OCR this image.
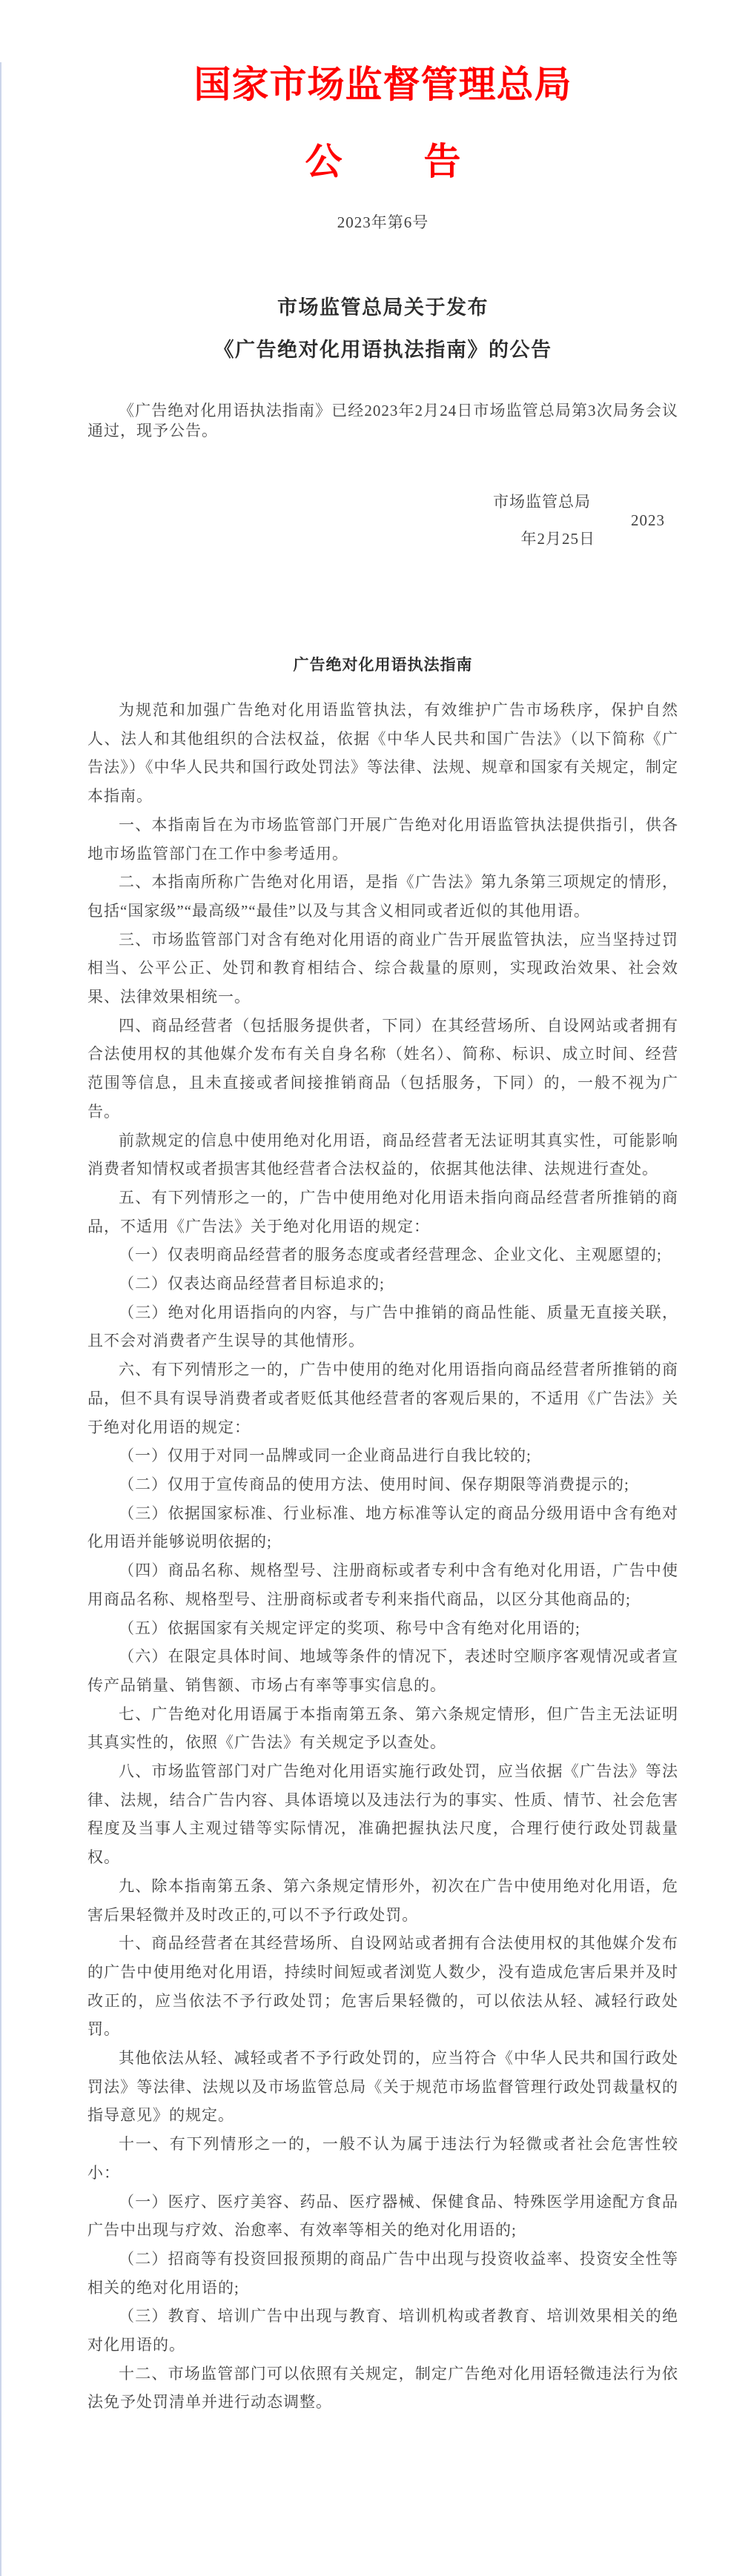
国家市场监督管理总局
公 告
2023年第6号
市场监管总局关于发布
《广告绝对化用语执法指南》的公告

《广告绝对化用语执法指南》已经2023年2月24日市场监管总局第3次局务会议通过，现予公告。

市场监管总局
2023
年2月25日
广告绝对化用语执法指南

为规范和加强广告绝对化用语监管执法，有效维护广告市场秩序，保护自然人、法人和其他组织的合法权益，依据《中华人民共和国广告法》（以下简称《广告法》）《中华人民共和国行政处罚法》等法律、法规、规章和国家有关规定，制定本指南。

一、本指南旨在为市场监管部门开展广告绝对化用语监管执法提供指引，供各地市场监管部门在工作中参考适用。

二、本指南所称广告绝对化用语，是指《广告法》第九条第三项规定的情形，包括“国家级”“最高级”“最佳”以及与其含义相同或者近似的其他用语。

三、市场监管部门对含有绝对化用语的商业广告开展监管执法，应当坚持过罚相当、公平公正、处罚和教育相结合、综合裁量的原则，实现政治效果、社会效果、法律效果相统一。

四、商品经营者（包括服务提供者，下同）在其经营场所、自设网站或者拥有合法使用权的其他媒介发布有关自身名称（姓名）、简称、标识、成立时间、经营范围等信息，且未直接或者间接推销商品（包括服务，下同）的，一般不视为广告。

前款规定的信息中使用绝对化用语，商品经营者无法证明其真实性，可能影响消费者知情权或者损害其他经营者合法权益的，依据其他法律、法规进行查处。

五、有下列情形之一的，广告中使用绝对化用语未指向商品经营者所推销的商品，不适用《广告法》关于绝对化用语的规定：

（一）仅表明商品经营者的服务态度或者经营理念、企业文化、主观愿望的;

（二）仅表达商品经营者目标追求的;

（三）绝对化用语指向的内容，与广告中推销的商品性能、质量无直接关联，且不会对消费者产生误导的其他情形。

六、有下列情形之一的，广告中使用的绝对化用语指向商品经营者所推销的商品，但不具有误导消费者或者贬低其他经营者的客观后果的，不适用《广告法》关于绝对化用语的规定：

（一）仅用于对同一品牌或同一企业商品进行自我比较的;

（二）仅用于宣传商品的使用方法、使用时间、保存期限等消费提示的;

（三）依据国家标准、行业标准、地方标准等认定的商品分级用语中含有绝对化用语并能够说明依据的;

（四）商品名称、规格型号、注册商标或者专利中含有绝对化用语，广告中使用商品名称、规格型号、注册商标或者专利来指代商品，以区分其他商品的;

（五）依据国家有关规定评定的奖项、称号中含有绝对化用语的;

（六）在限定具体时间、地域等条件的情况下，表述时空顺序客观情况或者宣传产品销量、销售额、市场占有率等事实信息的。

七、广告绝对化用语属于本指南第五条、第六条规定情形，但广告主无法证明其真实性的，依照《广告法》有关规定予以查处。

八、市场监管部门对广告绝对化用语实施行政处罚，应当依据《广告法》等法律、法规，结合广告内容、具体语境以及违法行为的事实、性质、情节、社会危害程度及当事人主观过错等实际情况，准确把握执法尺度，合理行使行政处罚裁量权。

九、除本指南第五条、第六条规定情形外，初次在广告中使用绝对化用语，危害后果轻微并及时改正的,可以不予行政处罚。

十、商品经营者在其经营场所、自设网站或者拥有合法使用权的其他媒介发布的广告中使用绝对化用语，持续时间短或者浏览人数少，没有造成危害后果并及时改正的，应当依法不予行政处罚；危害后果轻微的，可以依法从轻、减轻行政处罚。

其他依法从轻、减轻或者不予行政处罚的，应当符合《中华人民共和国行政处罚法》等法律、法规以及市场监管总局《关于规范市场监督管理行政处罚裁量权的指导意见》的规定。

十一、有下列情形之一的，一般不认为属于违法行为轻微或者社会危害性较小：

（一）医疗、医疗美容、药品、医疗器械、保健食品、特殊医学用途配方食品广告中出现与疗效、治愈率、有效率等相关的绝对化用语的;

（二）招商等有投资回报预期的商品广告中出现与投资收益率、投资安全性等相关的绝对化用语的;

（三）教育、培训广告中出现与教育、培训机构或者教育、培训效果相关的绝对化用语的。

十二、市场监管部门可以依照有关规定，制定广告绝对化用语轻微违法行为依法免予处罚清单并进行动态调整。
